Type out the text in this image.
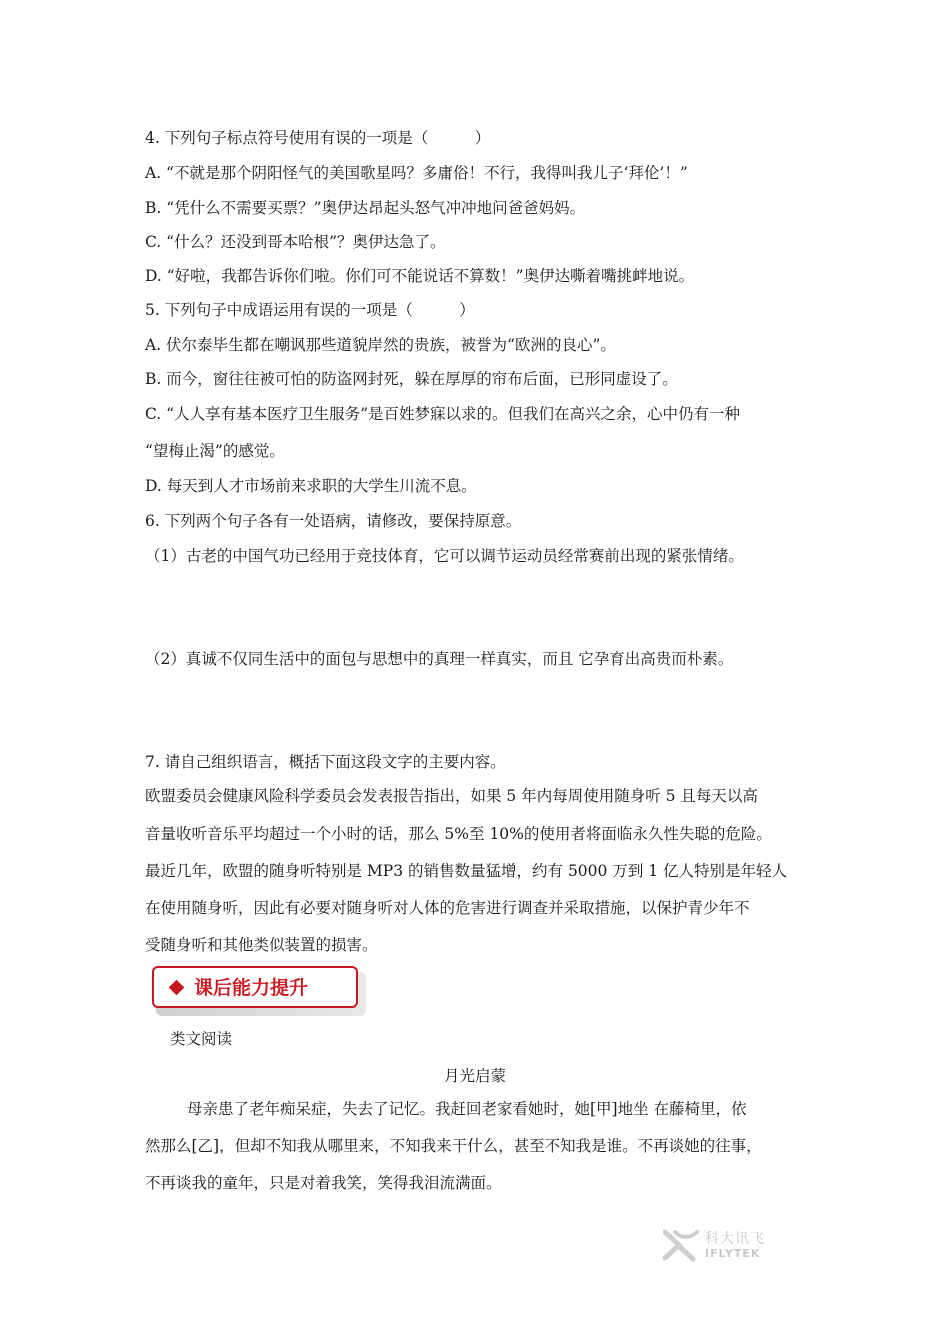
4. 下列句子标点符号使用有误的一项是（　　　）
A. “不就是那个阴阳怪气的美国歌星吗？多庸俗！不行，我得叫我儿子‘拜伦’！”
B. “凭什么不需要买票？”奥伊达昂起头怒气冲冲地问爸爸妈妈。
C. “什么？还没到哥本哈根”？奥伊达急了。
D. “好啦，我都告诉你们啦。你们可不能说话不算数！”奥伊达嘶着嘴挑衅地说。
5. 下列句子中成语运用有误的一项是（　　　）
A. 伏尔泰毕生都在嘲讽那些道貌岸然的贵族，被誉为“欧洲的良心”。
B. 而今，窗往往被可怕的防盗网封死，躲在厚厚的帘布后面，已形同虚设了。
C. “人人享有基本医疗卫生服务”是百姓梦寐以求的。但我们在高兴之余，心中仍有一种
“望梅止渴”的感觉。
D. 每天到人才市场前来求职的大学生川流不息。
6. 下列两个句子各有一处语病，请修改，要保持原意。
（1）古老的中国气功已经用于竞技体育，它可以调节运动员经常赛前出现的紧张情绪。
（2）真诚不仅同生活中的面包与思想中的真理一样真实，而且 它孕育出高贵而朴素。
7. 请自己组织语言，概括下面这段文字的主要内容。
欧盟委员会健康风险科学委员会发表报告指出，如果 5 年内每周使用随身听 5 且每天以高
音量收听音乐平均超过一个小时的话，那么 5%至 10%的使用者将面临永久性失聪的危险。
最近几年，欧盟的随身听特别是 MP3 的销售数量猛增，约有 5000 万到 1 亿人特别是年轻人
在使用随身听，因此有必要对随身听对人体的危害进行调查并采取措施，以保护青少年不
受随身听和其他类似装置的损害。
课后能力提升
类文阅读
月光启蒙
母亲患了老年痴呆症，失去了记忆。我赶回老家看她时，她[甲]地坐 在藤椅里，依
然那么[乙]，但却不知我从哪里来，不知我来干什么，甚至不知我是谁。不再谈她的往事，
不再谈我的童年，只是对着我笑，笑得我泪流满面。
科大讯飞
IFLYTEK
